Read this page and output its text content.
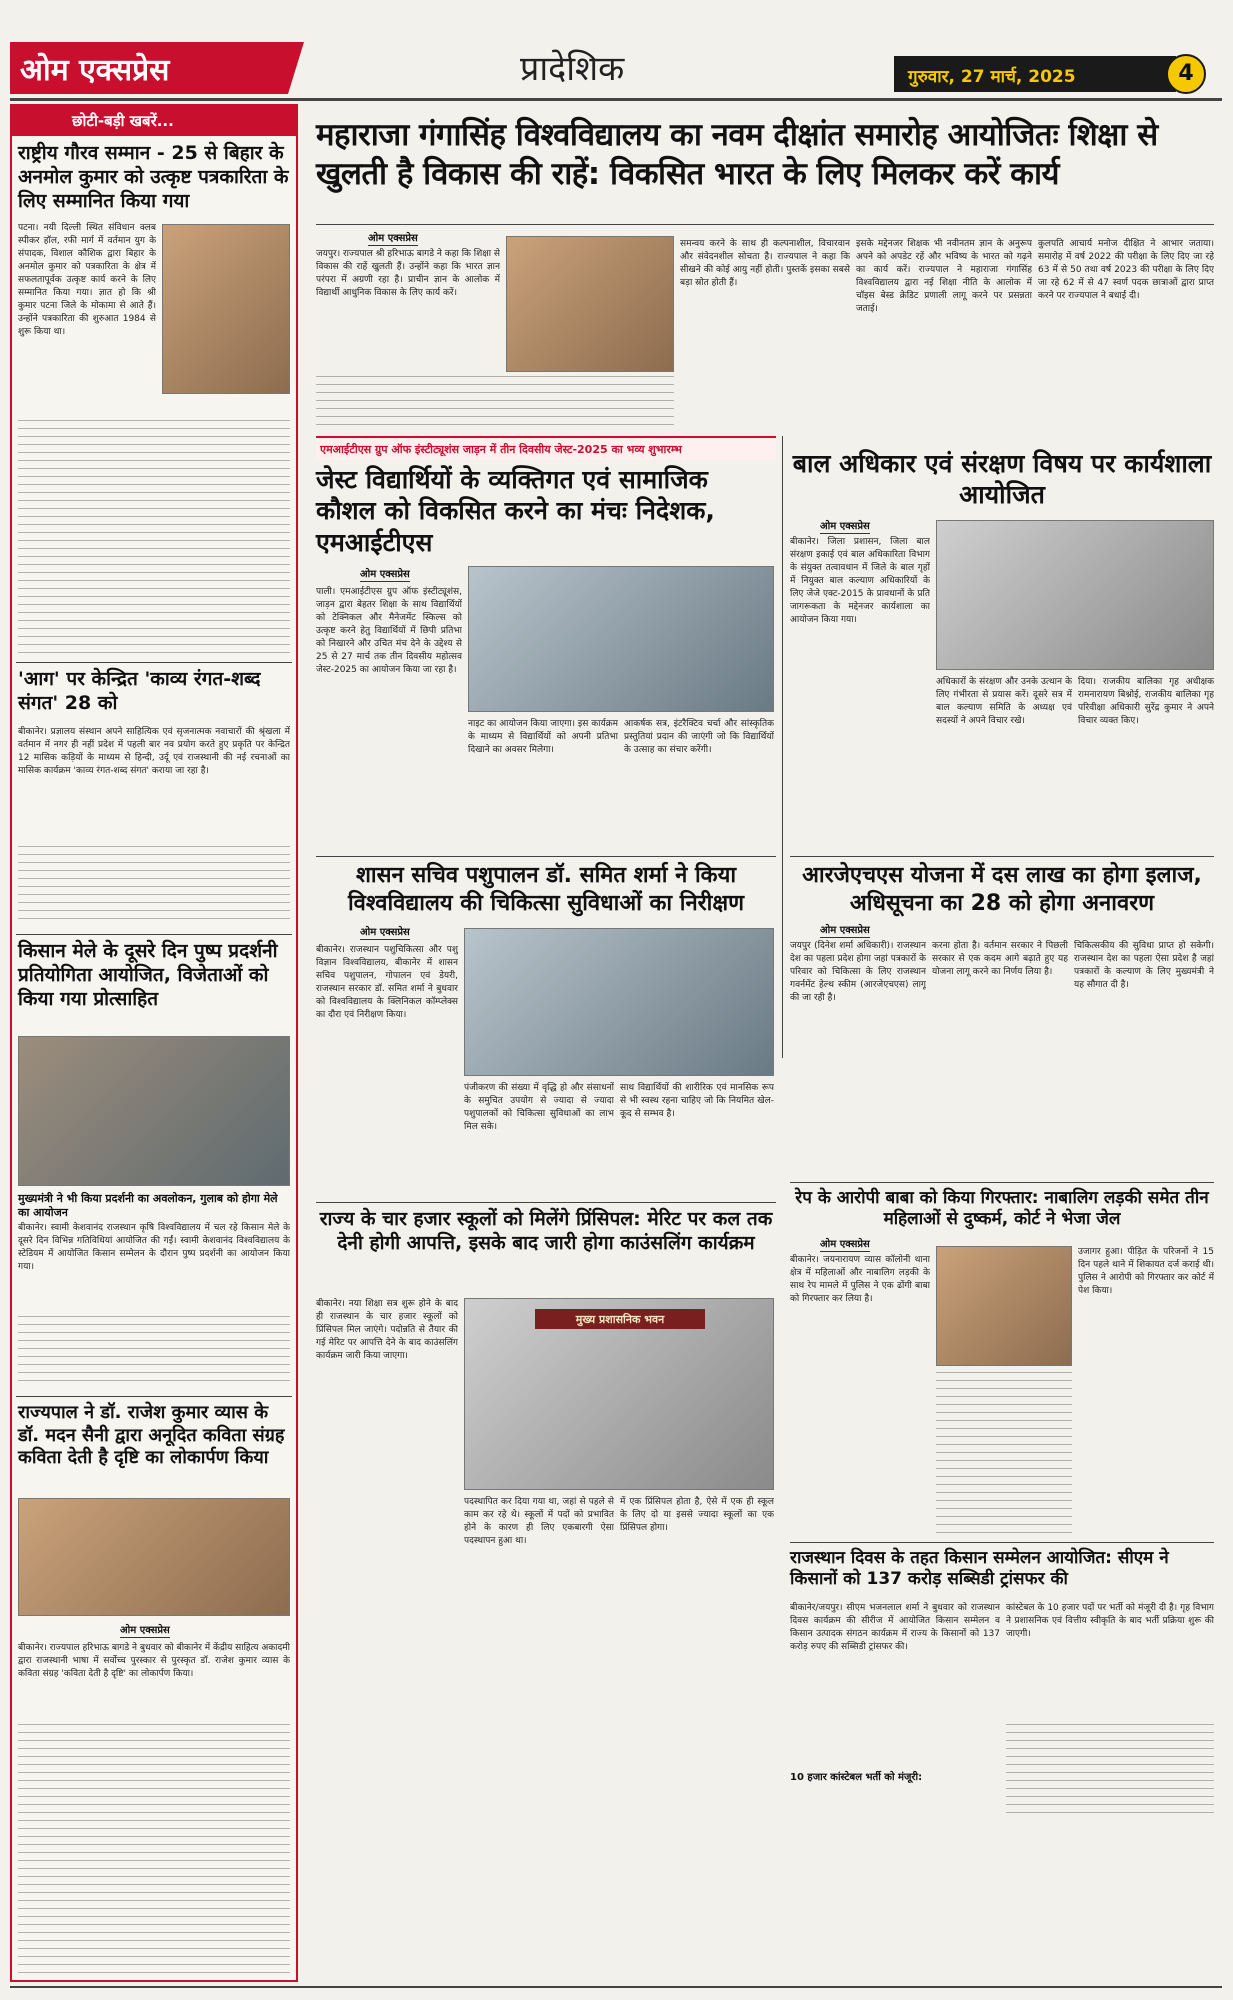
ओम एक्सप्रेस	प्रादेशिक	गुरुवार, 27 मार्च, 2025	4
छोटी-बड़ी खबरें...
राष्ट्रीय गौरव सम्मान - 25 से बिहार के अनमोल कुमार को उत्कृष्ट पत्रकारिता के लिए सम्मानित किया गया
पटना। नयी दिल्ली स्थित संविधान क्लब स्पीकर हॉल, रफी मार्ग में वर्तमान युग के संपादक, विशाल कौशिक द्वारा बिहार के अनमोल कुमार को पत्रकारिता के क्षेत्र में सफलतापूर्वक उत्कृष्ट कार्य करने के लिए सम्मानित किया गया। ज्ञात हो कि श्री कुमार पटना जिले के मोकामा से आते हैं। उन्होंने पत्रकारिता की शुरुआत 1984 से शुरू किया था।
'आग' पर केन्द्रित 'काव्य रंगत-शब्द संगत' 28 को
बीकानेर। प्रज्ञालय संस्थान अपने साहित्यिक एवं सृजनात्मक नवाचारों की श्रृंखला में वर्तमान में नगर ही नहीं प्रदेश में पहली बार नव प्रयोग करते हुए प्रकृति पर केन्द्रित 12 मासिक कड़ियों के माध्यम से हिन्दी, उर्दू एवं राजस्थानी की नई रचनाओं का मासिक कार्यक्रम 'काव्य रंगत-शब्द संगत' कराया जा रहा है।
किसान मेले के दूसरे दिन पुष्प प्रदर्शनी प्रतियोगिता आयोजित, विजेताओं को किया गया प्रोत्साहित
मुख्यमंत्री ने भी किया प्रदर्शनी का अवलोकन, गुलाब को होगा मेले का आयोजन
बीकानेर। स्वामी केशवानंद राजस्थान कृषि विश्वविद्यालय में चल रहे किसान मेले के दूसरे दिन विभिन्न गतिविधियां आयोजित की गईं। स्वामी केशवानंद विश्वविद्यालय के स्टेडियम में आयोजित किसान सम्मेलन के दौरान पुष्प प्रदर्शनी का आयोजन किया गया।
राज्यपाल ने डॉ. राजेश कुमार व्यास के डॉ. मदन सैनी द्वारा अनूदित कविता संग्रह कविता देती है दृष्टि का लोकार्पण किया
ओम एक्सप्रेस
बीकानेर। राज्यपाल हरिभाऊ बागडे ने बुधवार को बीकानेर में केंद्रीय साहित्य अकादमी द्वारा राजस्थानी भाषा में सर्वोच्च पुरस्कार से पुरस्कृत डॉ. राजेश कुमार व्यास के कविता संग्रह 'कविता देती है दृष्टि' का लोकार्पण किया।
महाराजा गंगासिंह विश्वविद्यालय का नवम दीक्षांत समारोह आयोजितः शिक्षा से खुलती है विकास की राहें: विकसित भारत के लिए मिलकर करें कार्य
ओम एक्सप्रेस
जयपुर। राज्यपाल श्री हरिभाऊ बागडे ने कहा कि शिक्षा से विकास की राहें खुलती हैं। उन्होंने कहा कि भारत ज्ञान परंपरा में अग्रणी रहा है। प्राचीन ज्ञान के आलोक में विद्यार्थी आधुनिक विकास के लिए कार्य करें।
समन्वय करने के साथ ही कल्पनाशील, विचारवान और संवेदनशील सोचता है। राज्यपाल ने कहा कि सीखने की कोई आयु नहीं होती। पुस्तकें इसका सबसे बड़ा स्रोत होती हैं।
इसके मद्देनजर शिक्षक भी नवीनतम ज्ञान के अनुरूप अपने को अपडेट रहें और भविष्य के भारत को गढ़ने का कार्य करें। राज्यपाल ने महाराजा गंगासिंह विश्वविद्यालय द्वारा नई शिक्षा नीति के आलोक में चॉइस बेस्ड क्रेडिट प्रणाली लागू करने पर प्रसन्नता जताई।
कुलपति आचार्य मनोज दीक्षित ने आभार जताया। समारोह में वर्ष 2022 की परीक्षा के लिए दिए जा रहे 63 में से 50 तथा वर्ष 2023 की परीक्षा के लिए दिए जा रहे 62 में से 47 स्वर्ण पदक छात्राओं द्वारा प्राप्त करने पर राज्यपाल ने बधाई दी।
एमआईटीएस ग्रुप ऑफ इंस्टीट्यूशंस जाड़न में तीन दिवसीय जेस्ट-2025 का भव्य शुभारम्भ
जेस्ट विद्यार्थियों के व्यक्तिगत एवं सामाजिक कौशल को विकसित करने का मंचः निदेशक, एमआईटीएस
ओम एक्सप्रेस
पाली। एमआईटीएस ग्रुप ऑफ इंस्टीट्यूशंस, जाड़न द्वारा बेहतर शिक्षा के साथ विद्यार्थियों को टेक्निकल और मैनेजमेंट स्किल्स को उत्कृष्ट करने हेतु विद्यार्थियों में छिपी प्रतिभा को निखारने और उचित मंच देने के उद्देश्य से 25 से 27 मार्च तक तीन दिवसीय महोत्सव जेस्ट-2025 का आयोजन किया जा रहा है।
नाइट का आयोजन किया जाएगा। इस कार्यक्रम के माध्यम से विद्यार्थियों को अपनी प्रतिभा दिखाने का अवसर मिलेगा।
आकर्षक सत्र, इंटरैक्टिव चर्चा और सांस्कृतिक प्रस्तुतियां प्रदान की जाएंगी जो कि विद्यार्थियों के उत्साह का संचार करेंगी।
बाल अधिकार एवं संरक्षण विषय पर कार्यशाला आयोजित
ओम एक्सप्रेस
बीकानेर। जिला प्रशासन, जिला बाल संरक्षण इकाई एवं बाल अधिकारिता विभाग के संयुक्त तत्वावधान में जिले के बाल गृहों में नियुक्त बाल कल्याण अधिकारियों के लिए जेजे एक्ट-2015 के प्रावधानों के प्रति जागरूकता के मद्देनजर कार्यशाला का आयोजन किया गया।
अधिकारों के संरक्षण और उनके उत्थान के लिए गंभीरता से प्रयास करें। दूसरे सत्र में बाल कल्याण समिति के अध्यक्ष एवं सदस्यों ने अपने विचार रखे।
दिया। राजकीय बालिका गृह अधीक्षक रामनारायण बिश्नोई, राजकीय बालिका गृह परिवीक्षा अधिकारी सुरेंद्र कुमार ने अपने विचार व्यक्त किए।
शासन सचिव पशुपालन डॉ. समित शर्मा ने किया विश्वविद्यालय की चिकित्सा सुविधाओं का निरीक्षण
ओम एक्सप्रेस
बीकानेर। राजस्थान पशुचिकित्सा और पशु विज्ञान विश्वविद्यालय, बीकानेर में शासन सचिव पशुपालन, गोपालन एवं डेयरी, राजस्थान सरकार डॉ. समित शर्मा ने बुधवार को विश्वविद्यालय के क्लिनिकल कॉम्प्लेक्स का दौरा एवं निरीक्षण किया।
पंजीकरण की संख्या में वृद्धि हो और संसाधनों के समुचित उपयोग से ज्यादा से ज्यादा पशुपालकों को चिकित्सा सुविधाओं का लाभ मिल सके।
साथ विद्यार्थियों की शारीरिक एवं मानसिक रूप से भी स्वस्थ रहना चाहिए जो कि नियमित खेल-कूद से सम्भव है।
आरजेएचएस योजना में दस लाख का होगा इलाज, अधिसूचना का 28 को होगा अनावरण
ओम एक्सप्रेस
जयपुर (दिनेश शर्मा अधिकारी)। राजस्थान देश का पहला प्रदेश होगा जहां पत्रकारों के परिवार को चिकित्सा के लिए राजस्थान गवर्नमेंट हेल्थ स्कीम (आरजेएचएस) लागू की जा रही है।
करना होता है। वर्तमान सरकार ने पिछली सरकार से एक कदम आगे बढ़ाते हुए यह योजना लागू करने का निर्णय लिया है।
चिकित्सकीय की सुविधा प्राप्त हो सकेगी। राजस्थान देश का पहला ऐसा प्रदेश है जहां पत्रकारों के कल्याण के लिए मुख्यमंत्री ने यह सौगात दी है।
राज्य के चार हजार स्कूलों को मिलेंगे प्रिंसिपल: मेरिट पर कल तक देनी होगी आपत्ति, इसके बाद जारी होगा काउंसलिंग कार्यक्रम
बीकानेर। नया शिक्षा सत्र शुरू होने के बाद ही राजस्थान के चार हजार स्कूलों को प्रिंसिपल मिल जाएंगे। पदोन्नति से तैयार की गई मेरिट पर आपत्ति देने के बाद काउंसलिंग कार्यक्रम जारी किया जाएगा।
मुख्य प्रशासनिक भवन
पदस्थापित कर दिया गया था, जहां से पहले से काम कर रहे थे। स्कूलों में पदों को प्रभावित होने के कारण ही लिए एकबारगी ऐसा पदस्थापन हुआ था।
में एक प्रिंसिपल होता है, ऐसे में एक ही स्कूल के लिए दो या इससे ज्यादा स्कूलों का एक प्रिंसिपल होगा।
रेप के आरोपी बाबा को किया गिरफ्तार: नाबालिग लड़की समेत तीन महिलाओं से दुष्कर्म, कोर्ट ने भेजा जेल
ओम एक्सप्रेस
बीकानेर। जयनारायण व्यास कॉलोनी थाना क्षेत्र में महिलाओं और नाबालिग लड़की के साथ रेप मामले में पुलिस ने एक ढोंगी बाबा को गिरफ्तार कर लिया है।
उजागर हुआ। पीड़ित के परिजनों ने 15 दिन पहले थाने में शिकायत दर्ज कराई थी। पुलिस ने आरोपी को गिरफ्तार कर कोर्ट में पेश किया।
राजस्थान दिवस के तहत किसान सम्मेलन आयोजित: सीएम ने किसानों को 137 करोड़ सब्सिडी ट्रांसफर की
बीकानेर/जयपुर। सीएम भजनलाल शर्मा ने बुधवार को राजस्थान दिवस कार्यक्रम की सीरीज में आयोजित किसान सम्मेलन व किसान उत्पादक संगठन कार्यक्रम में राज्य के किसानों को 137 करोड़ रुपए की सब्सिडी ट्रांसफर की।
कांस्टेबल के 10 हजार पदों पर भर्ती को मंजूरी दी है। गृह विभाग ने प्रशासनिक एवं वित्तीय स्वीकृति के बाद भर्ती प्रक्रिया शुरू की जाएगी।
10 हजार कांस्टेबल भर्ती को मंजूरी:
